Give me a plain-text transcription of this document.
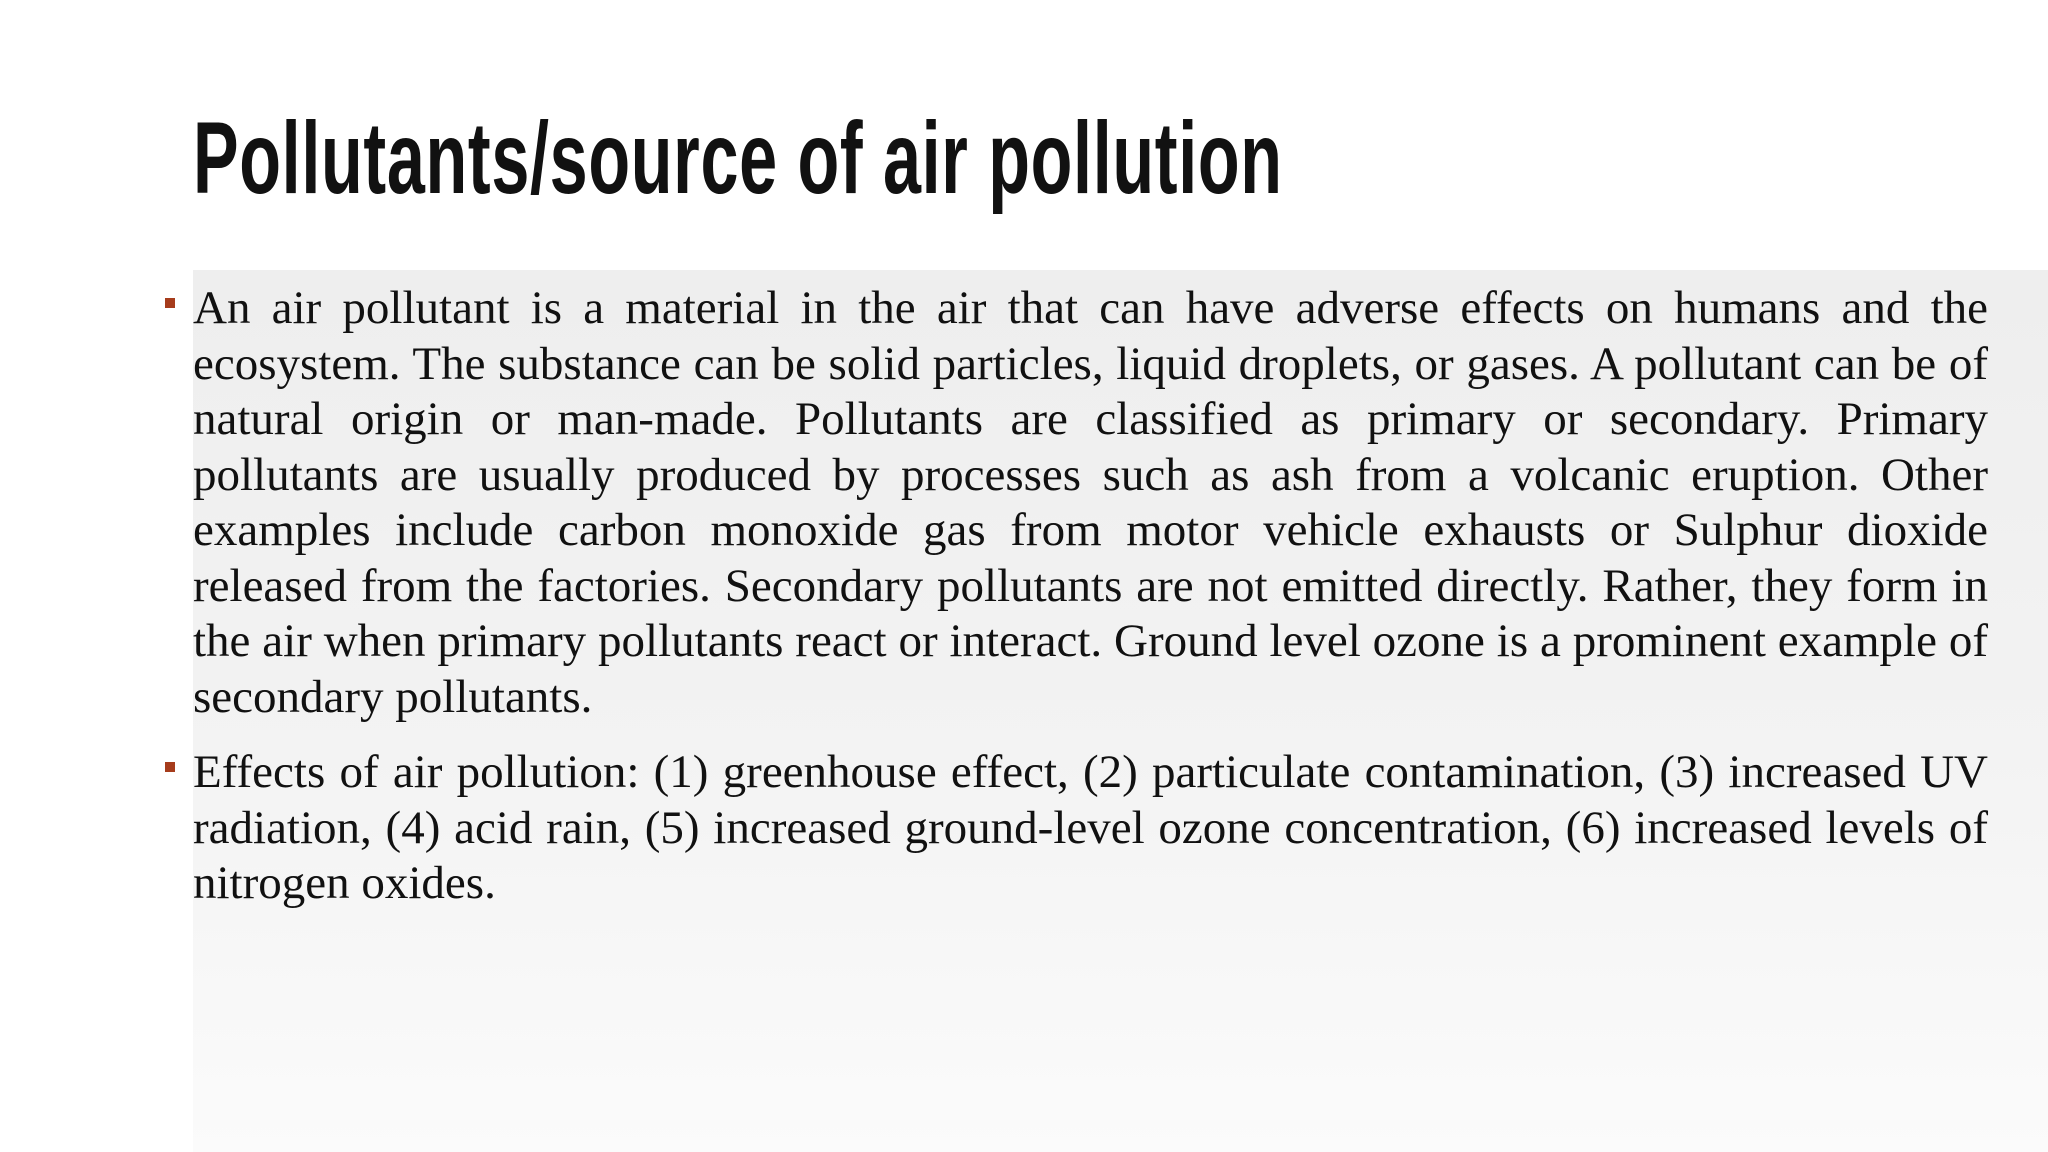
Pollutants/source of air pollution
An air pollutant is a material in the air that can have adverse effects on humans and the ecosystem. The substance can be solid particles, liquid droplets, or gases. A pollutant can be of natural origin or man-made. Pollutants are classified as primary or secondary. Primary pollutants are usually produced by processes such as ash from a volcanic eruption. Other examples include carbon monoxide gas from motor vehicle exhausts or Sulphur dioxide released from the factories. Secondary pollutants are not emitted directly. Rather, they form in the air when primary pollutants react or interact. Ground level ozone is a prominent example of secondary pollutants.
Effects of air pollution: (1) greenhouse effect, (2) particulate contamination, (3) increased UV radiation, (4) acid rain, (5) increased ground-level ozone concentration, (6) increased levels of nitrogen oxides.
